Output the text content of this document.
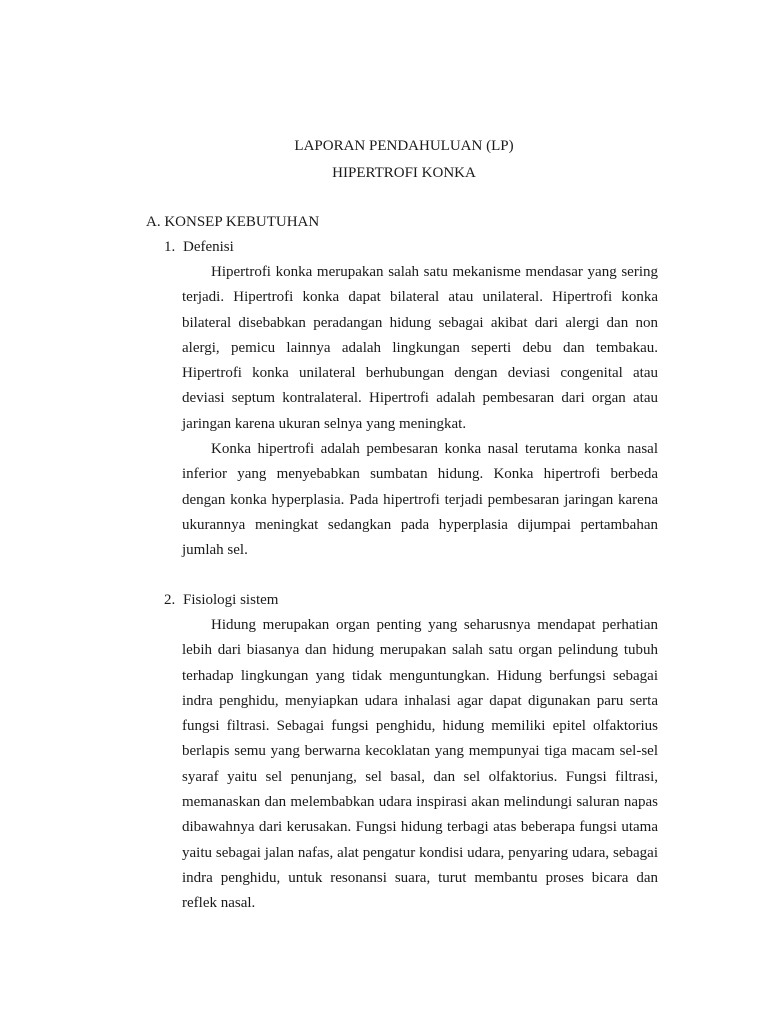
LAPORAN PENDAHULUAN (LP)
HIPERTROFI KONKA
A. KONSEP KEBUTUHAN
1. Defenisi

Hipertrofi konka merupakan salah satu mekanisme mendasar yang sering terjadi. Hipertrofi konka dapat bilateral atau unilateral. Hipertrofi konka bilateral disebabkan peradangan hidung sebagai akibat dari alergi dan non alergi, pemicu lainnya adalah lingkungan seperti debu dan tembakau. Hipertrofi konka unilateral berhubungan dengan deviasi congenital atau deviasi septum kontralateral. Hipertrofi adalah pembesaran dari organ atau jaringan karena ukuran selnya yang meningkat.

Konka hipertrofi adalah pembesaran konka nasal terutama konka nasal inferior yang menyebabkan sumbatan hidung. Konka hipertrofi berbeda dengan konka hyperplasia. Pada hipertrofi terjadi pembesaran jaringan karena ukurannya meningkat sedangkan pada hyperplasia dijumpai pertambahan jumlah sel.

2. Fisiologi sistem

Hidung merupakan organ penting yang seharusnya mendapat perhatian lebih dari biasanya dan hidung merupakan salah satu organ pelindung tubuh terhadap lingkungan yang tidak menguntungkan. Hidung berfungsi sebagai indra penghidu, menyiapkan udara inhalasi agar dapat digunakan paru serta fungsi filtrasi. Sebagai fungsi penghidu, hidung memiliki epitel olfaktorius berlapis semu yang berwarna kecoklatan yang mempunyai tiga macam sel-sel syaraf yaitu sel penunjang, sel basal, dan sel olfaktorius. Fungsi filtrasi, memanaskan dan melembabkan udara inspirasi akan melindungi saluran napas dibawahnya dari kerusakan. Fungsi hidung terbagi atas beberapa fungsi utama yaitu sebagai jalan nafas, alat pengatur kondisi udara, penyaring udara, sebagai indra penghidu, untuk resonansi suara, turut membantu proses bicara dan reflek nasal.
